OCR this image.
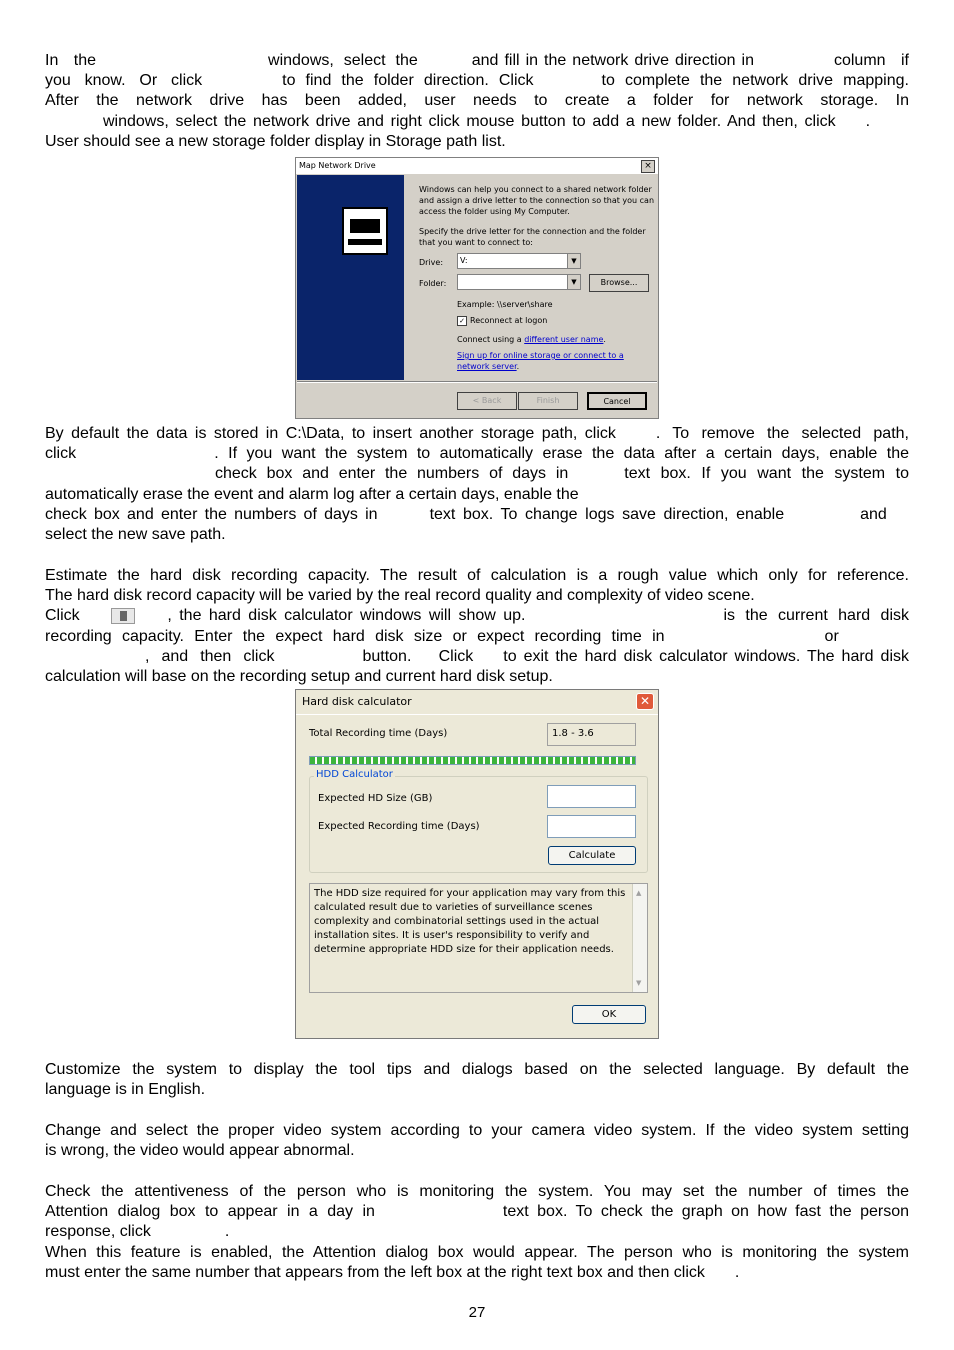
In the	windows, select the	and fill in the network drive direction in	column if
you know. Or click	to find the folder direction. Click	to complete the network drive mapping.
After the network drive has been added, user needs to create a folder for network storage. In
windows, select the network drive and right click mouse button to add a new folder. And then, click .
User should see a new storage folder display in Storage path list.
Map Network Drive	×
Windows can help you connect to a shared network folder
and assign a drive letter to the connection so that you can
access the folder using My Computer.
Specify the drive letter for the connection and the folder
that you want to connect to:
Drive:	V:	▼
Folder:	▼	Browse...
Example: \\server\share
✓ Reconnect at logon
Connect using a different user name.
Sign up for online storage or connect to a
network server.
< Back	Finish	Cancel
By default the data is stored in C:\Data, to insert another storage path, click	. To remove the selected path,
click	. If you want the system to automatically erase the data after a certain days, enable the
check box and enter the numbers of days in	text box. If you want the system to
automatically erase the event and alarm log after a certain days, enable the
check box and enter the numbers of days in	text box. To change logs save direction, enable	and
select the new save path.
Estimate the hard disk recording capacity. The result of calculation is a rough value which only for reference.
The hard disk record capacity will be varied by the real record quality and complexity of video scene.
Click	, the hard disk calculator windows will show up.	is the current hard disk
recording capacity. Enter the expect hard disk size or expect recording time in	or
, and then click	button. Click to exit the hard disk calculator windows. The hard disk
calculation will base on the recording setup and current hard disk setup.
Hard disk calculator	✕
Total Recording time (Days)	1.8 - 3.6
HDD Calculator
Expected HD Size (GB)
Expected Recording time (Days)
Calculate
The HDD size required for your application may vary from this calculated result due to varieties of surveillance scenes complexity and combinatorial settings used in the actual installation sites. It is user's responsibility to verify and determine appropriate HDD size for their application needs.
▲
▼
OK
Customize the system to display the tool tips and dialogs based on the selected language. By default the
language is in English.
Change and select the proper video system according to your camera video system. If the video system setting
is wrong, the video would appear abnormal.
Check the attentiveness of the person who is monitoring the system. You may set the number of times the
Attention dialog box to appear in a day in	text box. To check the graph on how fast the person
response, click	.
When this feature is enabled, the Attention dialog box would appear. The person who is monitoring the system
must enter the same number that appears from the left box at the right text box and then click .
27
